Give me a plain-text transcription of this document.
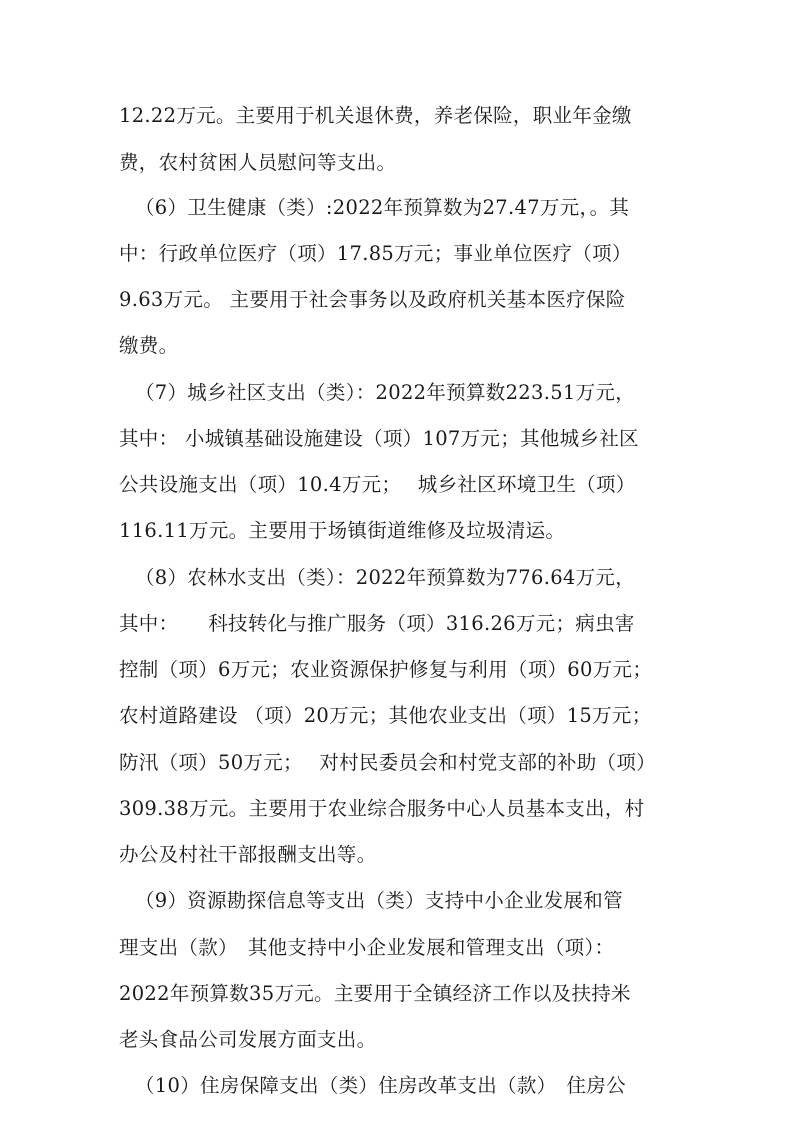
12.22万元。主要用于机关退休费，养老保险，职业年金缴
费，农村贫困人员慰问等支出。
（6）卫生健康（类）:2022年预算数为27.47万元，。其
中：行政单位医疗（项）17.85万元；事业单位医疗（项）
9.63万元。 主要用于社会事务以及政府机关基本医疗保险
缴费。
（7）城乡社区支出（类）：2022年预算数223.51万元，
其中： 小城镇基础设施建设（项）107万元；其他城乡社区
公共设施支出（项）10.4万元；　 城乡社区环境卫生（项）
116.11万元。主要用于场镇街道维修及垃圾清运。
（8）农林水支出（类）：2022年预算数为776.64万元，
其中：　　科技转化与推广服务（项）316.26万元；病虫害
控制（项）6万元；农业资源保护修复与利用（项）60万元；
农村道路建设 （项）20万元；其他农业支出（项）15万元；
防汛（项）50万元；　 对村民委员会和村党支部的补助（项）
309.38万元。主要用于农业综合服务中心人员基本支出，村
办公及村社干部报酬支出等。
（9）资源勘探信息等支出（类）支持中小企业发展和管
理支出（款）　其他支持中小企业发展和管理支出（项）：
2022年预算数35万元。主要用于全镇经济工作以及扶持米
老头食品公司发展方面支出。
（10）住房保障支出（类）住房改革支出（款）　住房公
